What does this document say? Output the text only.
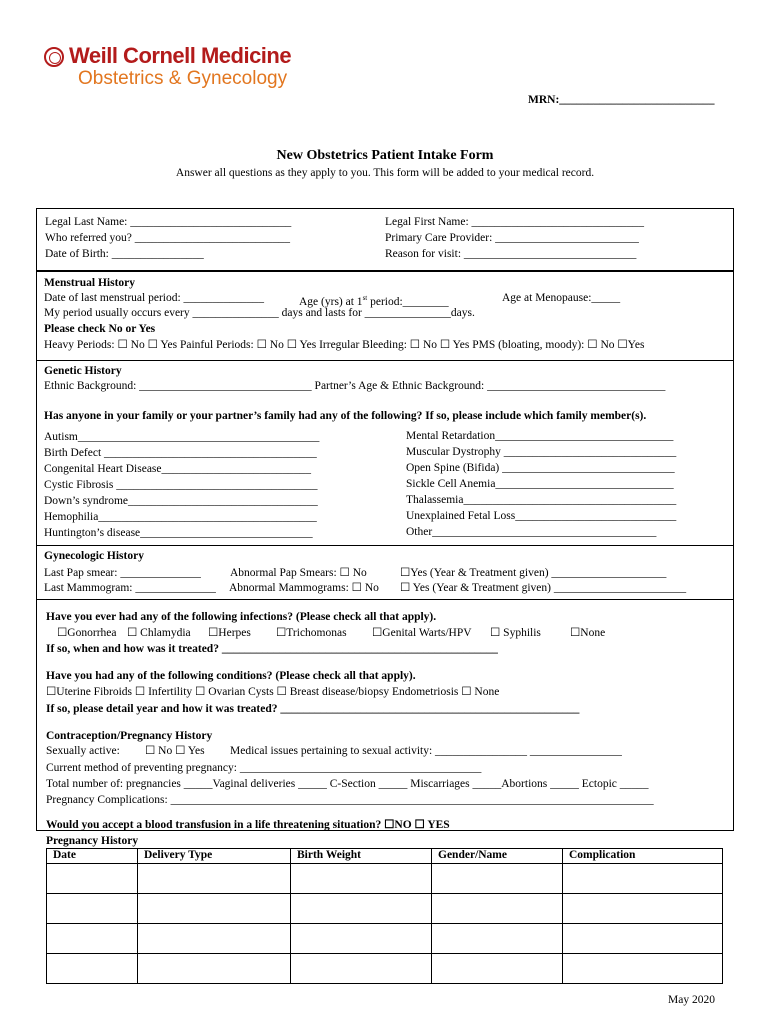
Weill Cornell Medicine
Obstetrics & Gynecology
MRN:___________________________
New Obstetrics Patient Intake Form
Answer all questions as they apply to you. This form will be added to your medical record.
Legal Last Name: ____________________________
Who referred you? ___________________________
Date of Birth: ________________
Legal First Name: ______________________________
Primary Care Provider: _________________________
Reason for visit: ______________________________
Menstrual History
Date of last menstrual period: ______________	Age (yrs) at 1st period:________	Age at Menopause:_____
My period usually occurs every _______________ days and lasts for _______________days.
Please check No or Yes
Heavy Periods: ☐ No ☐ Yes Painful Periods: ☐ No ☐ Yes Irregular Bleeding: ☐ No ☐ Yes PMS (bloating, moody): ☐ No ☐Yes
Genetic History
Ethnic Background: ______________________________ Partner’s Age & Ethnic Background: _______________________________
Has anyone in your family or your partner’s family had any of the following? If so, please include which family member(s).
Autism__________________________________________
Birth Defect _____________________________________
Congenital Heart Disease__________________________
Cystic Fibrosis ___________________________________
Down’s syndrome_________________________________
Hemophilia______________________________________
Huntington’s disease______________________________
Mental Retardation_______________________________
Muscular Dystrophy ______________________________
Open Spine (Bifida) ______________________________
Sickle Cell Anemia_______________________________
Thalassemia_____________________________________
Unexplained Fetal Loss____________________________
Other_______________________________________
Gynecologic History
Last Pap smear: ______________	Abnormal Pap Smears: ☐ No	☐Yes (Year & Treatment given) ____________________
Last Mammogram: ______________ Abnormal Mammograms: ☐ No ☐ Yes (Year & Treatment given) _______________________
Have you ever had any of the following infections? (Please check all that apply).
☐Gonorrhea ☐ Chlamydia ☐Herpes ☐Trichomonas ☐Genital Warts/HPV ☐ Syphilis	☐None
If so, when and how was it treated? ________________________________________________
Have you had any of the following conditions? (Please check all that apply).
☐Uterine Fibroids ☐ Infertility ☐ Ovarian Cysts ☐ Breast disease/biopsy Endometriosis ☐ None
If so, please detail year and how it was treated? ____________________________________________________
Contraception/Pregnancy History
Sexually active: ☐ No ☐ Yes Medical issues pertaining to sexual activity: ________________ ________________
Current method of preventing pregnancy: __________________________________________
Total number of: pregnancies _____Vaginal deliveries _____ C-Section _____ Miscarriages _____Abortions _____ Ectopic _____
Pregnancy Complications: ____________________________________________________________________________________
Would you accept a blood transfusion in a life threatening situation? ☐NO ☐ YES
Pregnancy History
Date	Delivery Type	Birth Weight	Gender/Name	Complication

May 2020
